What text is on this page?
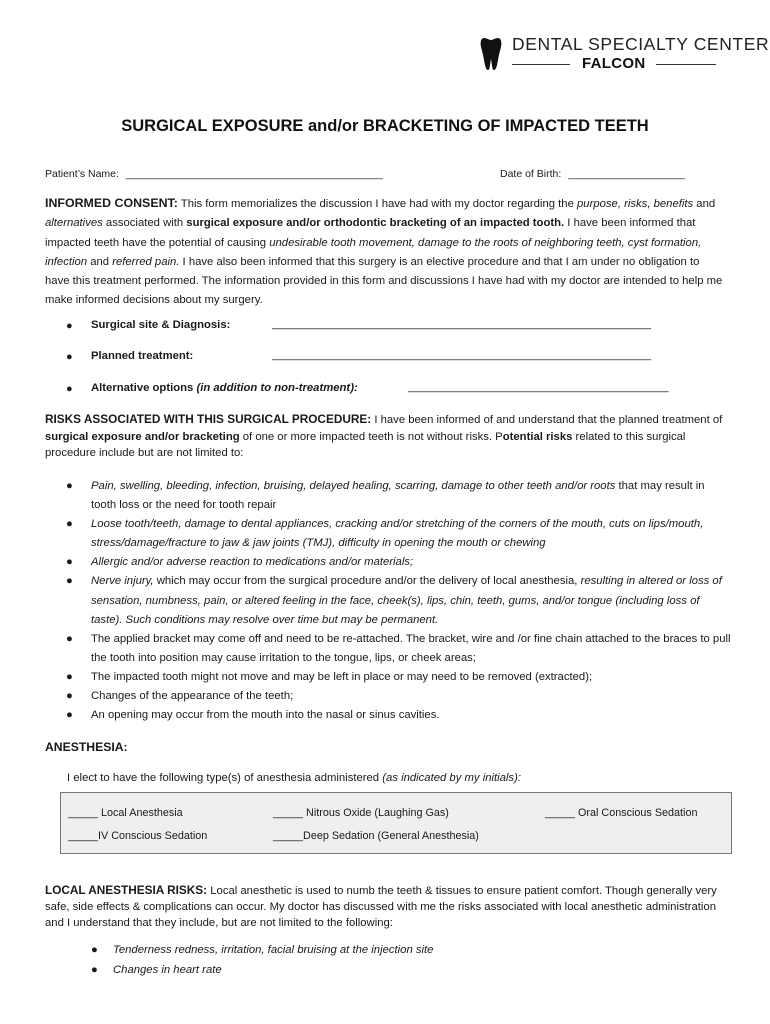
DENTAL SPECIALTY CENTER
FALCON
SURGICAL EXPOSURE and/or BRACKETING OF IMPACTED TEETH
Patient’s Name: ____________________________________________	Date of Birth: ____________________
INFORMED CONSENT: This form memorializes the discussion I have had with my doctor regarding the purpose, risks, benefits and alternatives associated with surgical exposure and/or orthodontic bracketing of an impacted tooth. I have been informed that impacted teeth have the potential of causing undesirable tooth movement, damage to the roots of neighboring teeth, cyst formation, infection and referred pain. I have also been informed that this surgery is an elective procedure and that I am under no obligation to have this treatment performed. The information provided in this form and discussions I have had with my doctor are intended to help me make informed decisions about my surgery.
● Surgical site & Diagnosis:	________________________________________________________________
● Planned treatment:	________________________________________________________________
● Alternative options (in addition to non-treatment):	____________________________________________
RISKS ASSOCIATED WITH THIS SURGICAL PROCEDURE: I have been informed of and understand that the planned treatment of surgical exposure and/or bracketing of one or more impacted teeth is not without risks. Potential risks related to this surgical procedure include but are not limited to:
● Pain, swelling, bleeding, infection, bruising, delayed healing, scarring, damage to other teeth and/or roots that may result in tooth loss or the need for tooth repair
● Loose tooth/teeth, damage to dental appliances, cracking and/or stretching of the corners of the mouth, cuts on lips/mouth, stress/damage/fracture to jaw & jaw joints (TMJ), difficulty in opening the mouth or chewing
● Allergic and/or adverse reaction to medications and/or materials;
● Nerve injury, which may occur from the surgical procedure and/or the delivery of local anesthesia, resulting in altered or loss of sensation, numbness, pain, or altered feeling in the face, cheek(s), lips, chin, teeth, gums, and/or tongue (including loss of taste). Such conditions may resolve over time but may be permanent.
● The applied bracket may come off and need to be re-attached. The bracket, wire and /or fine chain attached to the braces to pull the tooth into position may cause irritation to the tongue, lips, or cheek areas;
● The impacted tooth might not move and may be left in place or may need to be removed (extracted);
● Changes of the appearance of the teeth;
● An opening may occur from the mouth into the nasal or sinus cavities.
ANESTHESIA:
I elect to have the following type(s) of anesthesia administered (as indicated by my initials):
_____ Local Anesthesia	_____ Nitrous Oxide (Laughing Gas)	_____ Oral Conscious Sedation
_____IV Conscious Sedation	_____Deep Sedation (General Anesthesia)
LOCAL ANESTHESIA RISKS: Local anesthetic is used to numb the teeth & tissues to ensure patient comfort. Though generally very safe, side effects & complications can occur. My doctor has discussed with me the risks associated with local anesthetic administration and I understand that they include, but are not limited to the following:
● Tenderness redness, irritation, facial bruising at the injection site
● Changes in heart rate
